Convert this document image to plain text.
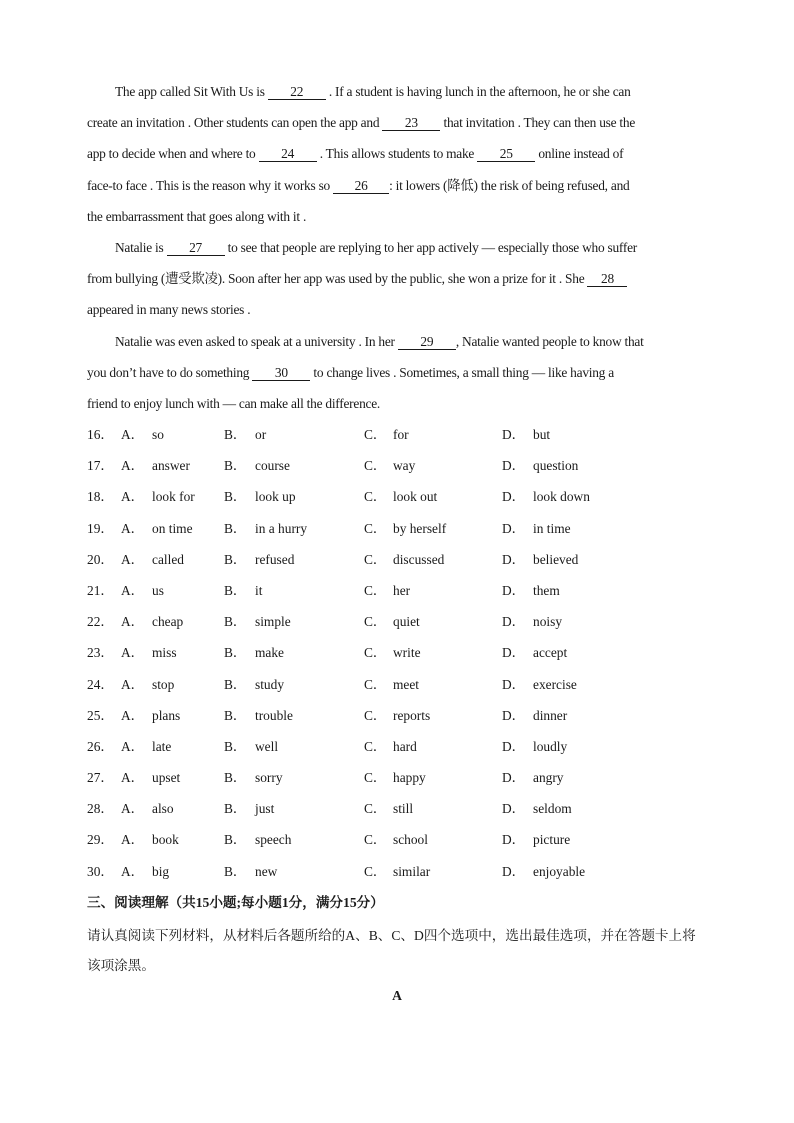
The app called Sit With Us is 22 . If a student is having lunch in the afternoon, he or she can
create an invitation . Other students can open the app and 23 that invitation . They can then use the
app to decide when and where to 24 . This allows students to make 25 online instead of
face-to face . This is the reason why it works so 26 : it lowers (降低) the risk of being refused, and
the embarrassment that goes along with it .
Natalie is 27 to see that people are replying to her app actively — especially those who suffer
from bullying (遭受欺凌). Soon after her app was used by the public, she won a prize for it . She 28
appeared in many news stories .
Natalie was even asked to speak at a university . In her 29 , Natalie wanted people to know that
you don’t have to do something 30 to change lives . Sometimes, a small thing — like having a
friend to enjoy lunch with — can make all the difference.
16． A． so	B． or	C． for	D． but
17． A． answer	B． course	C． way	D． question
18． A． look for B． look up	C． look out	D． look down
19． A． on time B． in a hurry	C． by herself	D． in time
20． A． called	B． refused	C． discussed	D． believed
21． A． us	B． it	C． her	D． them
22． A． cheap	B． simple	C． quiet	D． noisy
23． A． miss	B． make	C． write	D． accept
24． A． stop	B． study	C． meet	D． exercise
25． A． plans	B． trouble	C． reports	D． dinner
26． A． late	B． well	C． hard	D． loudly
27． A． upset	B． sorry	C． happy	D． angry
28． A． also	B． just	C． still	D． seldom
29． A． book	B． speech	C． school	D． picture
30． A． big	B． new	C． similar	D． enjoyable
三、阅读理解（共15小题;每小题1分，满分15分）
请认真阅读下列材料，从材料后各题所给的A、B、C、D四个选项中，选出最佳选项，并在答题卡上将该项涂黑。
A
